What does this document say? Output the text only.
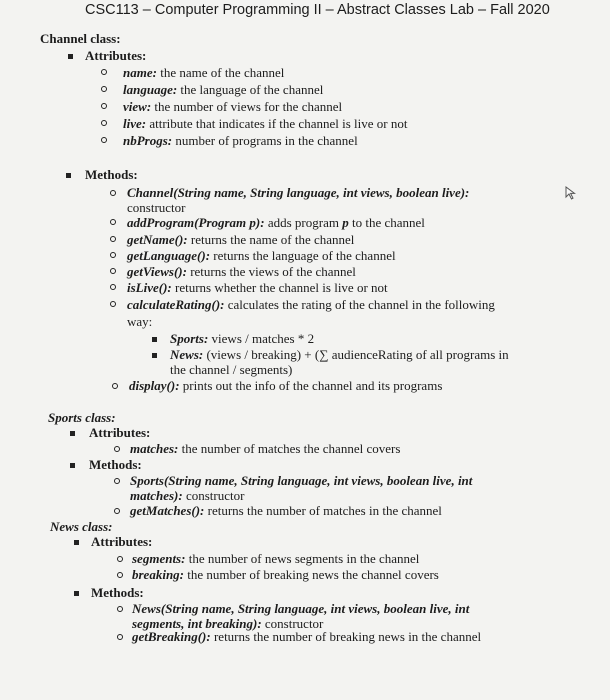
CSC113 – Computer Programming II – Abstract Classes Lab – Fall 2020
Channel class:
Attributes:
name: the name of the channel
language: the language of the channel
view: the number of views for the channel
live: attribute that indicates if the channel is live or not
nbProgs: number of programs in the channel
Methods:
Channel(String name, String language, int views, boolean live):
constructor
addProgram(Program p): adds program p to the channel
getName(): returns the name of the channel
getLanguage(): returns the language of the channel
getViews(): returns the views of the channel
isLive(): returns whether the channel is live or not
calculateRating(): calculates the rating of the channel in the following
way:
Sports: views / matches * 2
News: (views / breaking) + (∑ audienceRating of all programs in
the channel / segments)
display(): prints out the info of the channel and its programs
Sports class:
Attributes:
matches: the number of matches the channel covers
Methods:
Sports(String name, String language, int views, boolean live, int
matches): constructor
getMatches(): returns the number of matches in the channel
News class:
Attributes:
segments: the number of news segments in the channel
breaking: the number of breaking news the channel covers
Methods:
News(String name, String language, int views, boolean live, int
segments, int breaking): constructor
getBreaking(): returns the number of breaking news in the channel
